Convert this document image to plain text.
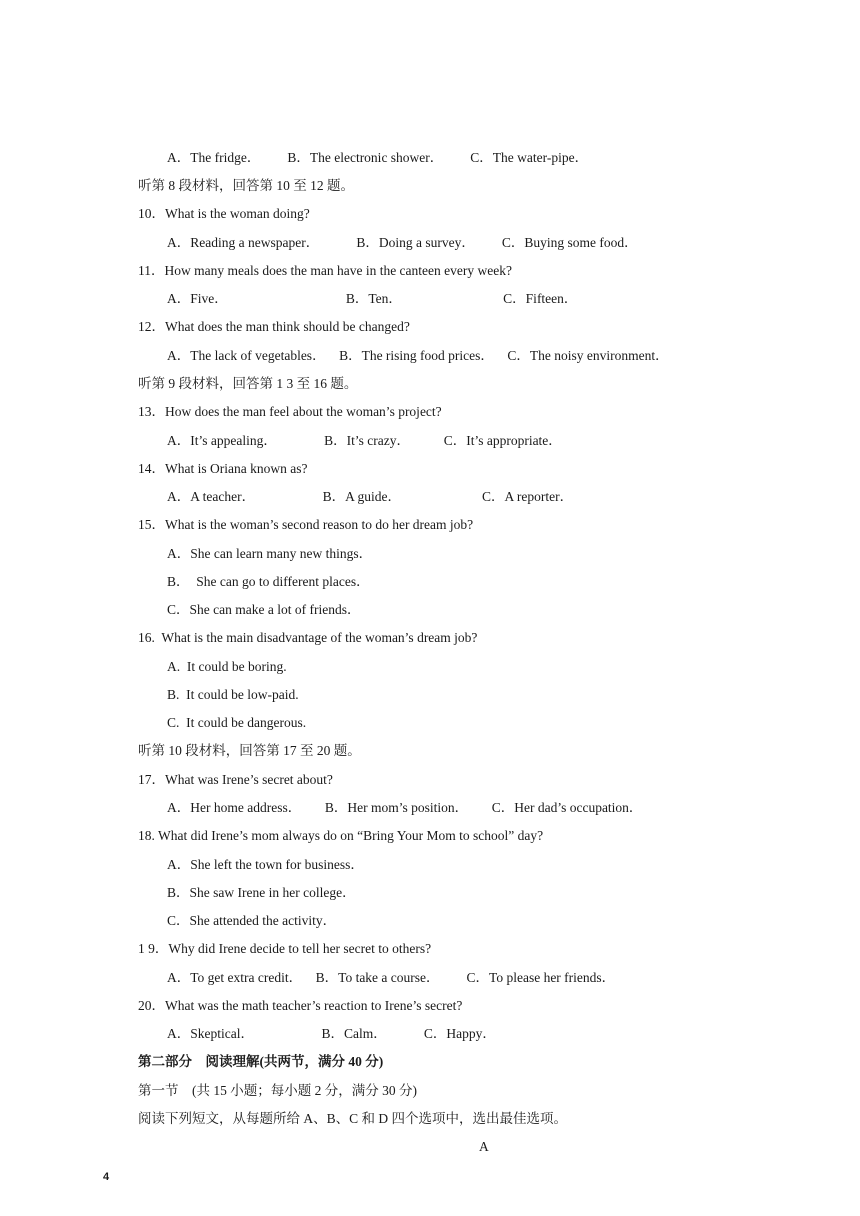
A．The fridge．        B．The electronic shower．        C．The water-pipe．
听第 8 段材料，回答第 10 至 12 题。
10．What is the woman doing?
A．Reading a newspaper．           B．Doing a survey．        C．Buying some food．
11．How many meals does the man have in the canteen every week?
A．Five．                                   B．Ten．                              C．Fifteen．
12．What does the man think should be changed?
A．The lack of vegetables．    B．The rising food prices．    C．The noisy environment．
听第 9 段材料，回答第 1 3 至 16 题。
13．How does the man feel about the woman’s project?
A．It’s appealing．              B．It’s crazy．          C．It’s appropriate．
14．What is Oriana known as?
A．A teacher．                    B．A guide．                        C．A reporter．
15．What is the woman’s second reason to do her dream job?
A．She can learn many new things．
B．  She can go to different places．
C．She can make a lot of friends．
16.  What is the main disadvantage of the woman’s dream job?
A.  It could be boring.
B.  It could be low-paid.
C.  It could be dangerous.
听第 10 段材料，回答第 17 至 20 题。
17．What was Irene’s secret about?
A．Her home address．       B．Her mom’s position．       C．Her dad’s occupation．
18. What did Irene’s mom always do on “Bring Your Mom to school” day?
A．She left the town for business．
B．She saw Irene in her college．
C．She attended the activity．
1 9．Why did Irene decide to tell her secret to others?
A．To get extra credit．    B．To take a course．        C．To please her friends．
20．What was the math teacher’s reaction to Irene’s secret?
A．Skeptical．                    B．Calm．           C．Happy．
第二部分    阅读理解(共两节，满分 40 分)
第一节    (共 15 小题；每小题 2 分，满分 30 分)
阅读下列短文，从每题所给 A、B、C 和 D 四个选项中，选出最佳选项。
A
4
